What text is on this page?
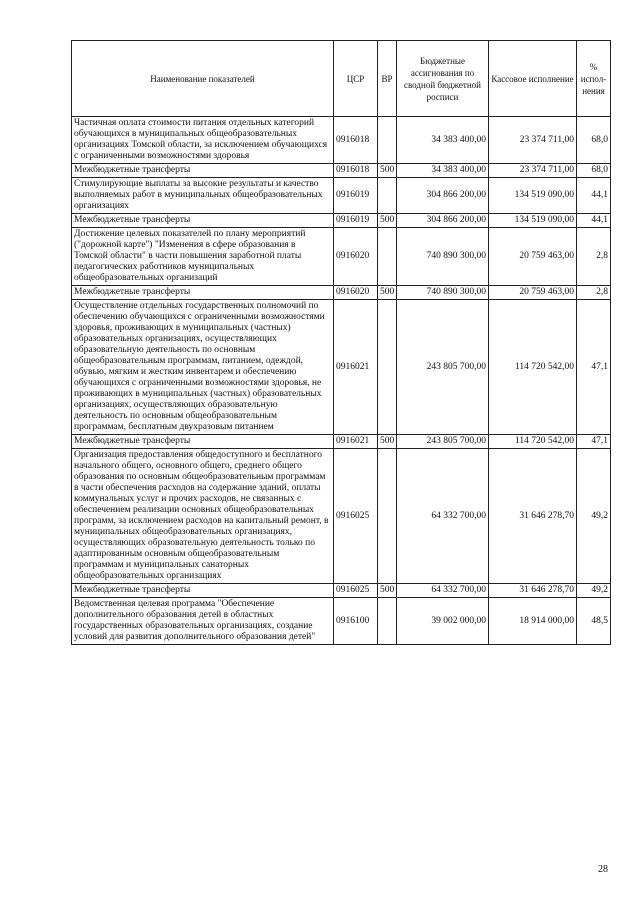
Наименование показателей	ЦСР	ВР	Бюджетные ассигнования по сводной бюджетной росписи	Кассовое исполнение	% испол-нения
Частичная оплата стоимости питания отдельных категорий обучающихся в муниципальных общеобразовательных организациях Томской области, за исключением обучающихся с ограниченными возможностями здоровья	0916018		34 383 400,00	23 374 711,00	68,0
Межбюджетные трансферты	0916018	500	34 383 400,00	23 374 711,00	68,0
Стимулирующие выплаты за высокие результаты и качество выполняемых работ в муниципальных общеобразовательных организациях	0916019		304 866 200,00	134 519 090,00	44,1
Межбюджетные трансферты	0916019	500	304 866 200,00	134 519 090,00	44,1
Достижение целевых показателей по плану мероприятий ("дорожной карте") "Изменения в сфере образования в Томской области" в части повышения заработной платы педагогических работников муниципальных общеобразовательных организаций	0916020		740 890 300,00	20 759 463,00	2,8
Межбюджетные трансферты	0916020	500	740 890 300,00	20 759 463,00	2,8
Осуществление отдельных государственных полномочий по обеспечению обучающихся с ограниченными возможностями здоровья, проживающих в муниципальных (частных) образовательных организациях, осуществляющих образовательную деятельность по основным общеобразовательным программам, питанием, одеждой, обувью, мягким и жестким инвентарем и обеспечению обучающихся с ограниченными возможностями здоровья, не проживающих в муниципальных (частных) образовательных организациях, осуществляющих образовательную деятельность по основным общеобразовательным программам, бесплатным двухразовым питанием	0916021		243 805 700,00	114 720 542,00	47,1
Межбюджетные трансферты	0916021	500	243 805 700,00	114 720 542,00	47,1
Организация предоставления общедоступного и бесплатного начального общего, основного общего, среднего общего образования по основным общеобразовательным программам в части обеспечения расходов на содержание зданий, оплаты коммунальных услуг и прочих расходов, не связанных с обеспечением реализации основных общеобразовательных программ, за исключением расходов на капитальный ремонт, в муниципальных общеобразовательных организациях, осуществляющих образовательную деятельность только по адаптированным основным общеобразовательным программам и муниципальных санаторных общеобразовательных организациях	0916025		64 332 700,00	31 646 278,70	49,2
Межбюджетные трансферты	0916025	500	64 332 700,00	31 646 278,70	49,2
Ведомственная целевая программа "Обеспечение дополнительного образования детей в областных государственных образовательных организациях, создание условий для развития дополнительного образования детей"	0916100		39 002 000,00	18 914 000,00	48,5
28
